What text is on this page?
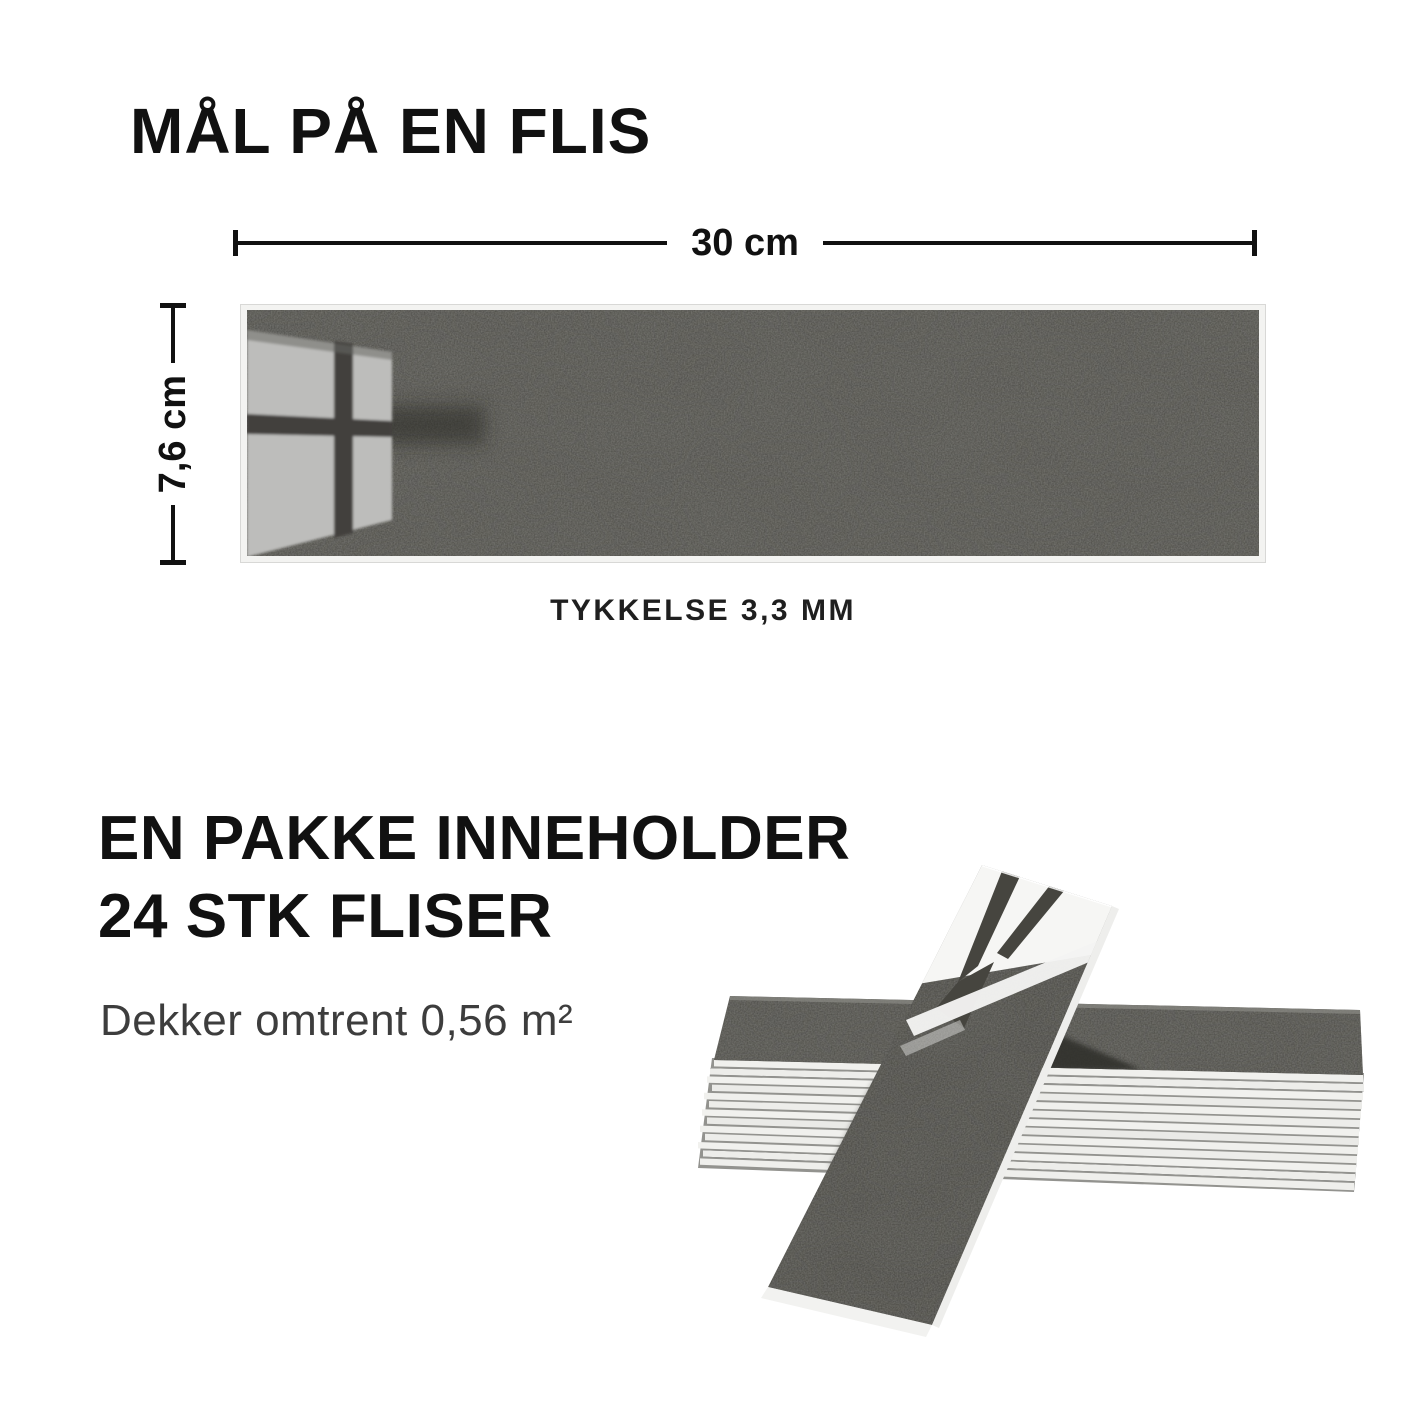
MÅL PÅ EN FLIS
30 cm
7,6 cm
TYKKELSE 3,3 MM
EN PAKKE INNEHOLDER
24 STK FLISER
Dekker omtrent 0,56 m²
